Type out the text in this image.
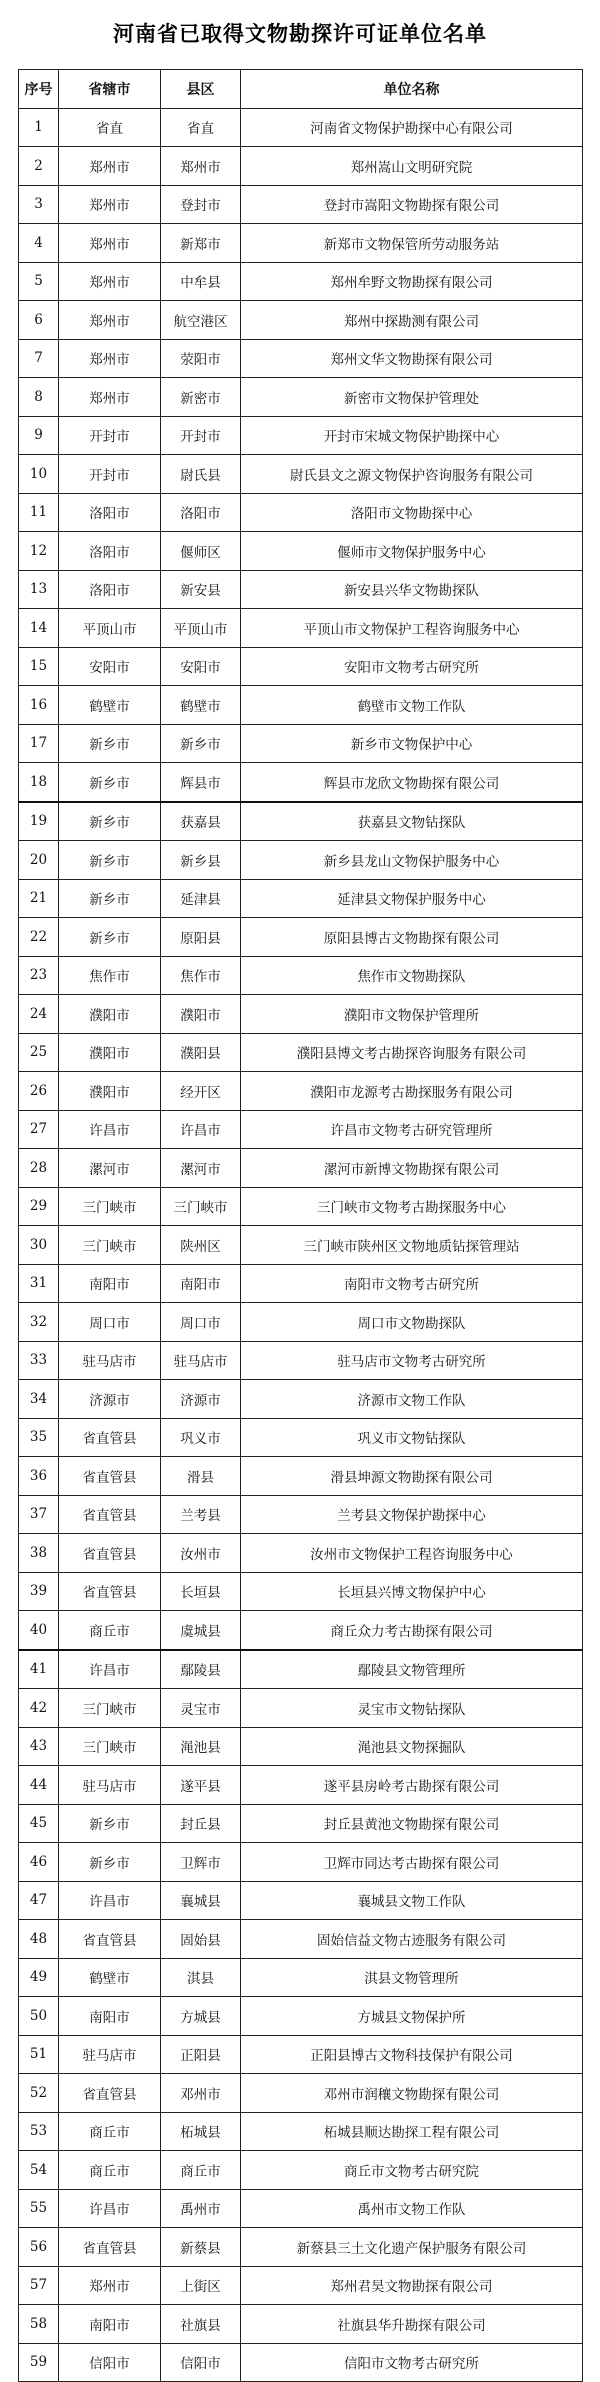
河南省已取得文物勘探许可证单位名单
序号	省辖市	县区	单位名称
1	省直	省直	河南省文物保护勘探中心有限公司
2	郑州市	郑州市	郑州嵩山文明研究院
3	郑州市	登封市	登封市嵩阳文物勘探有限公司
4	郑州市	新郑市	新郑市文物保管所劳动服务站
5	郑州市	中牟县	郑州牟野文物勘探有限公司
6	郑州市	航空港区	郑州中探勘测有限公司
7	郑州市	荥阳市	郑州文华文物勘探有限公司
8	郑州市	新密市	新密市文物保护管理处
9	开封市	开封市	开封市宋城文物保护勘探中心
10	开封市	尉氏县	尉氏县文之源文物保护咨询服务有限公司
11	洛阳市	洛阳市	洛阳市文物勘探中心
12	洛阳市	偃师区	偃师市文物保护服务中心
13	洛阳市	新安县	新安县兴华文物勘探队
14	平顶山市	平顶山市	平顶山市文物保护工程咨询服务中心
15	安阳市	安阳市	安阳市文物考古研究所
16	鹤壁市	鹤壁市	鹤壁市文物工作队
17	新乡市	新乡市	新乡市文物保护中心
18	新乡市	辉县市	辉县市龙欣文物勘探有限公司
19	新乡市	获嘉县	获嘉县文物钻探队
20	新乡市	新乡县	新乡县龙山文物保护服务中心
21	新乡市	延津县	延津县文物保护服务中心
22	新乡市	原阳县	原阳县博古文物勘探有限公司
23	焦作市	焦作市	焦作市文物勘探队
24	濮阳市	濮阳市	濮阳市文物保护管理所
25	濮阳市	濮阳县	濮阳县博文考古勘探咨询服务有限公司
26	濮阳市	经开区	濮阳市龙源考古勘探服务有限公司
27	许昌市	许昌市	许昌市文物考古研究管理所
28	漯河市	漯河市	漯河市新博文物勘探有限公司
29	三门峡市	三门峡市	三门峡市文物考古勘探服务中心
30	三门峡市	陕州区	三门峡市陕州区文物地质钻探管理站
31	南阳市	南阳市	南阳市文物考古研究所
32	周口市	周口市	周口市文物勘探队
33	驻马店市	驻马店市	驻马店市文物考古研究所
34	济源市	济源市	济源市文物工作队
35	省直管县	巩义市	巩义市文物钻探队
36	省直管县	滑县	滑县坤源文物勘探有限公司
37	省直管县	兰考县	兰考县文物保护勘探中心
38	省直管县	汝州市	汝州市文物保护工程咨询服务中心
39	省直管县	长垣县	长垣县兴博文物保护中心
40	商丘市	虞城县	商丘众力考古勘探有限公司
41	许昌市	鄢陵县	鄢陵县文物管理所
42	三门峡市	灵宝市	灵宝市文物钻探队
43	三门峡市	渑池县	渑池县文物探掘队
44	驻马店市	遂平县	遂平县房岭考古勘探有限公司
45	新乡市	封丘县	封丘县黄池文物勘探有限公司
46	新乡市	卫辉市	卫辉市同达考古勘探有限公司
47	许昌市	襄城县	襄城县文物工作队
48	省直管县	固始县	固始信益文物古迹服务有限公司
49	鹤壁市	淇县	淇县文物管理所
50	南阳市	方城县	方城县文物保护所
51	驻马店市	正阳县	正阳县博古文物科技保护有限公司
52	省直管县	邓州市	邓州市润穰文物勘探有限公司
53	商丘市	柘城县	柘城县顺达勘探工程有限公司
54	商丘市	商丘市	商丘市文物考古研究院
55	许昌市	禹州市	禹州市文物工作队
56	省直管县	新蔡县	新蔡县三土文化遗产保护服务有限公司
57	郑州市	上街区	郑州君昊文物勘探有限公司
58	南阳市	社旗县	社旗县华升勘探有限公司
59	信阳市	信阳市	信阳市文物考古研究所
